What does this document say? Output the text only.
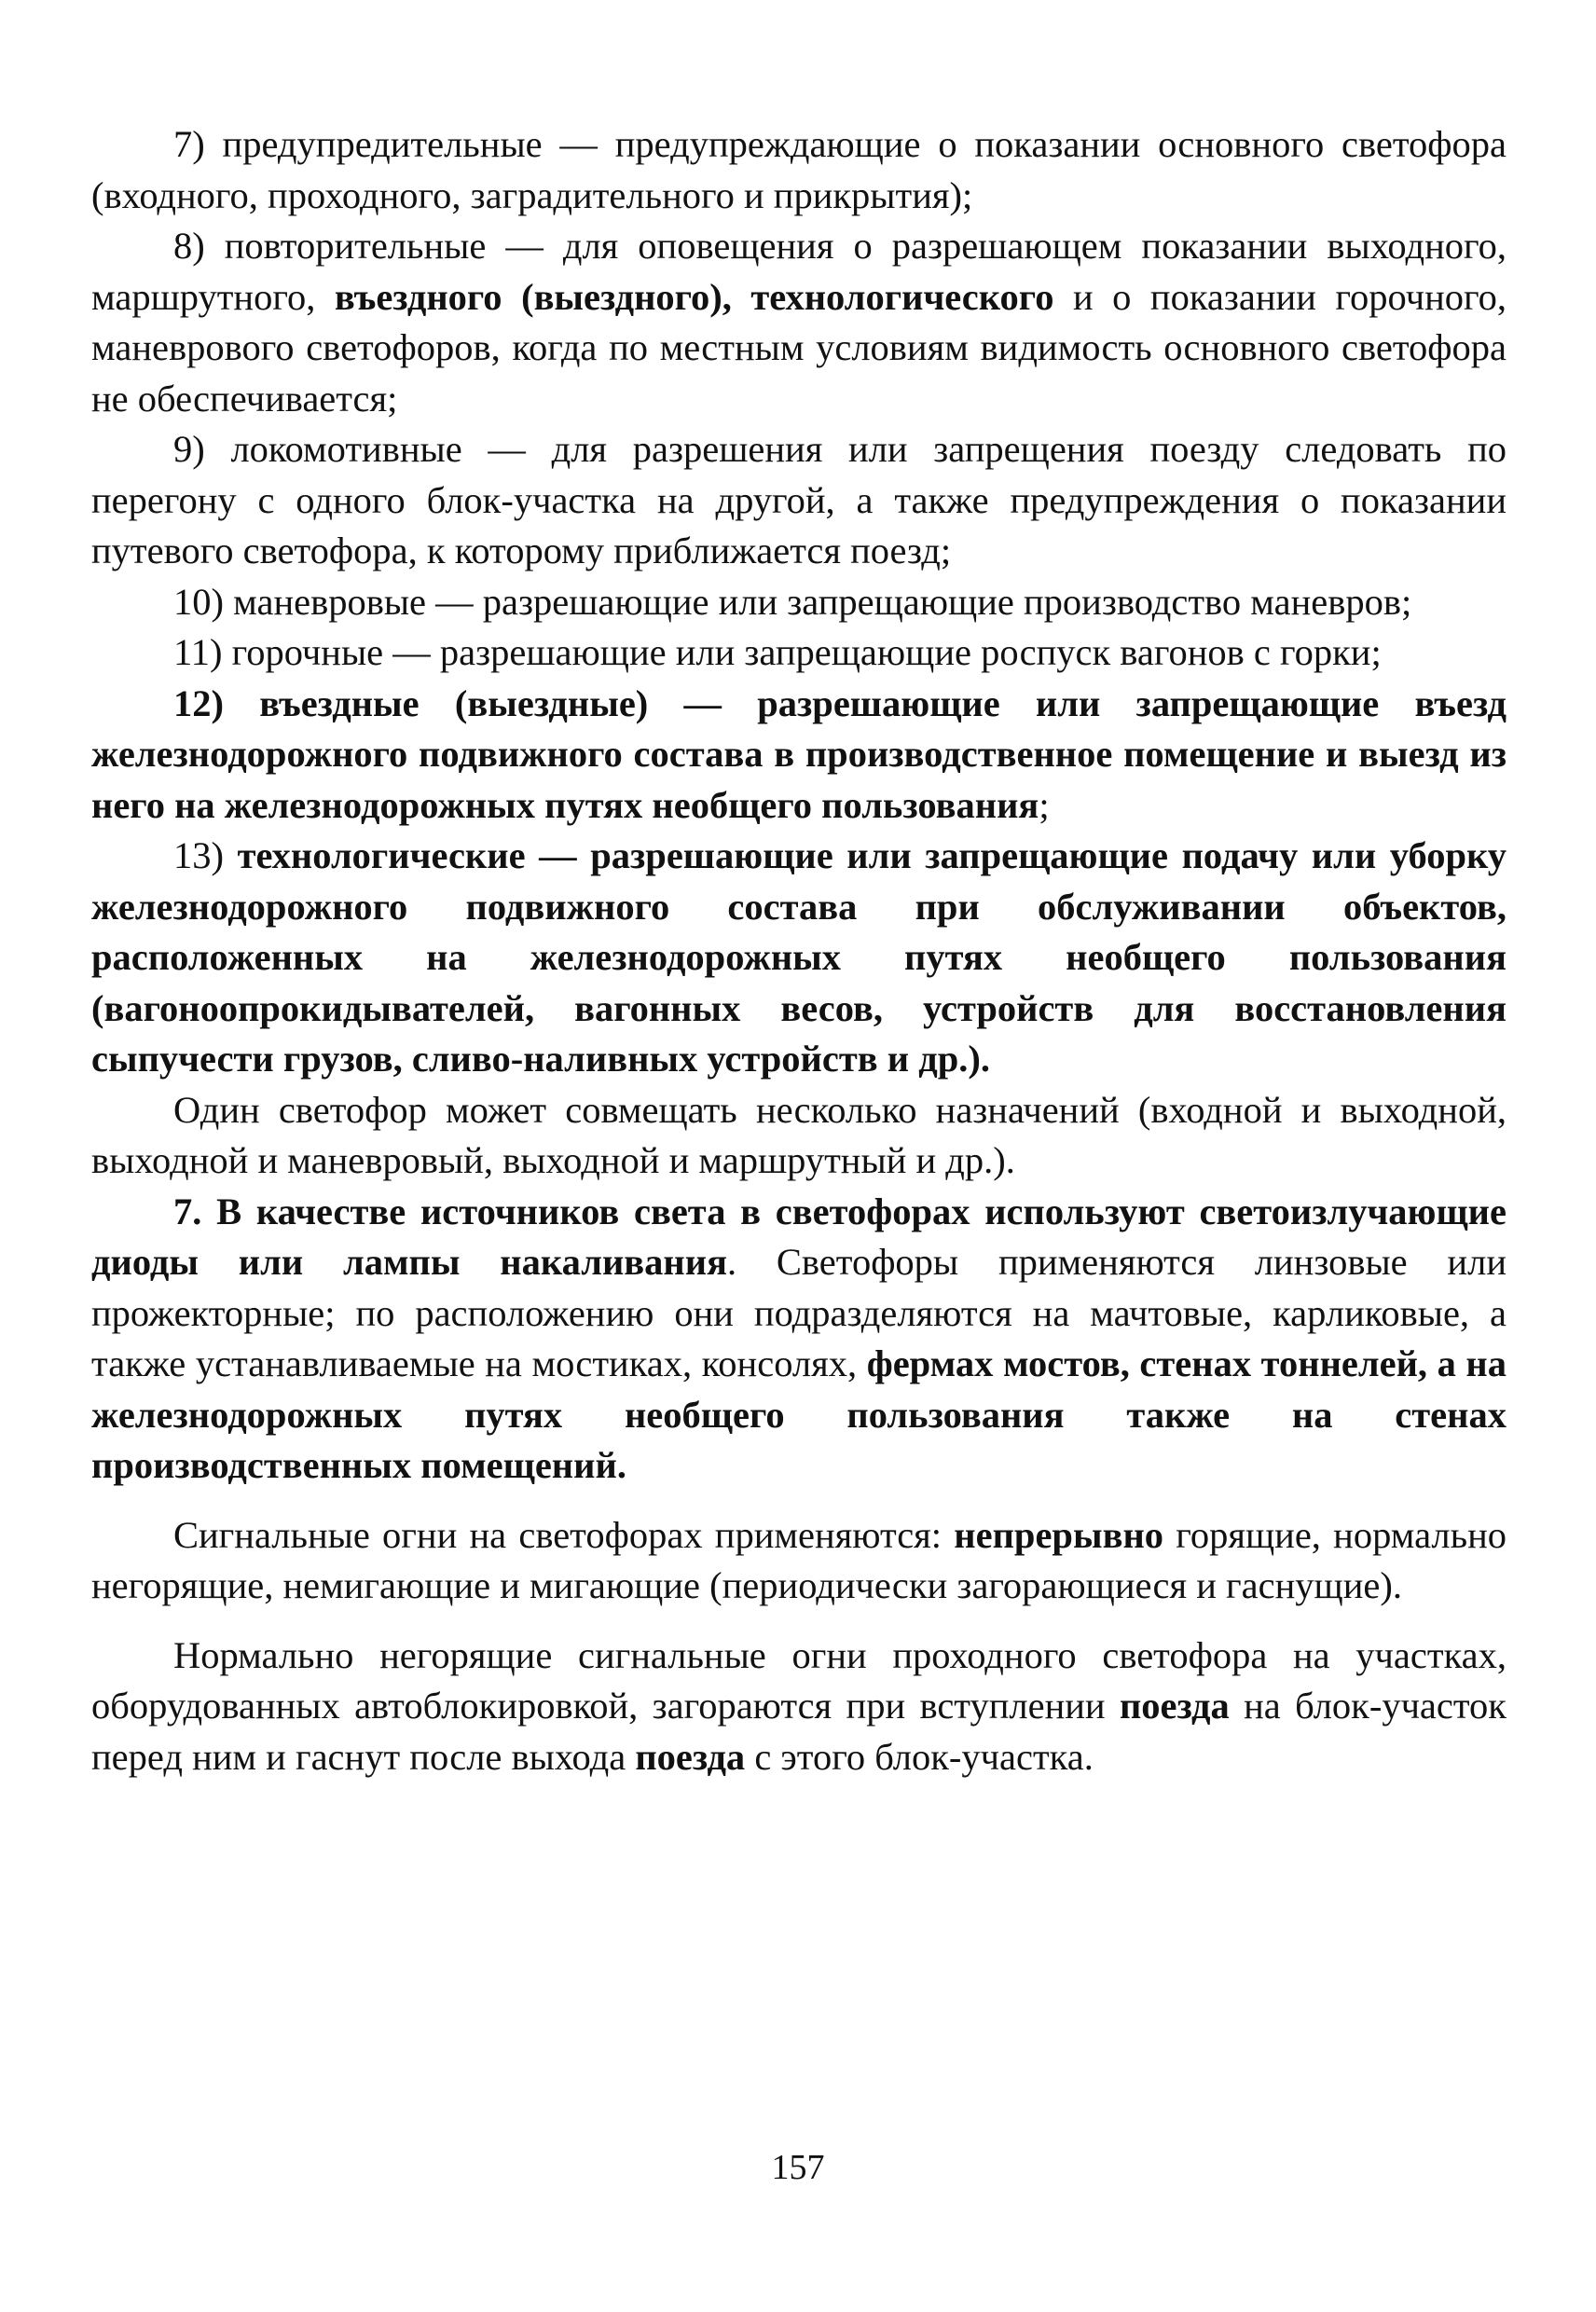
7) предупредительные — предупреждающие о показании основного светофора (входного, проходного, заградительного и прикрытия);

8) повторительные — для оповещения о разрешающем показании выходного, маршрутного, въездного (выездного), технологического и о показании горочного, маневрового светофоров, когда по местным условиям видимость основного светофора не обеспечивается;

9) локомотивные — для разрешения или запрещения поезду следовать по перегону с одного блок-участка на другой, а также предупреждения о показании путевого светофора, к которому приближается поезд;

10) маневровые — разрешающие или запрещающие производство маневров;

11) горочные — разрешающие или запрещающие роспуск вагонов с горки;

12) въездные (выездные) — разрешающие или запрещающие въезд железнодорожного подвижного состава в производственное помещение и выезд из него на железнодорожных путях необщего пользования;

13) технологические — разрешающие или запрещающие подачу или уборку железнодорожного подвижного состава при обслуживании объектов, расположенных на железнодорожных путях необщего пользования (вагоноопрокидывателей, вагонных весов, устройств для восстановления сыпучести грузов, сливо-наливных устройств и др.).

Один светофор может совмещать несколько назначений (входной и выходной, выходной и маневровый, выходной и маршрутный и др.).

7. В качестве источников света в светофорах используют светоизлучающие диоды или лампы накаливания. Светофоры применяются линзовые или прожекторные; по расположению они подразделяются на мачтовые, карликовые, а также устанавливаемые на мостиках, консолях, фермах мостов, стенах тоннелей, а на железнодорожных путях необщего пользования также на стенах производственных помещений.

Сигнальные огни на светофорах применяются: непрерывно горящие, нормально негорящие, немигающие и мигающие (периодически загорающиеся и гаснущие).

Нормально негорящие сигнальные огни проходного светофора на участках, оборудованных автоблокировкой, загораются при вступлении поезда на блок-участок перед ним и гаснут после выхода поезда с этого блок-участка.

157
